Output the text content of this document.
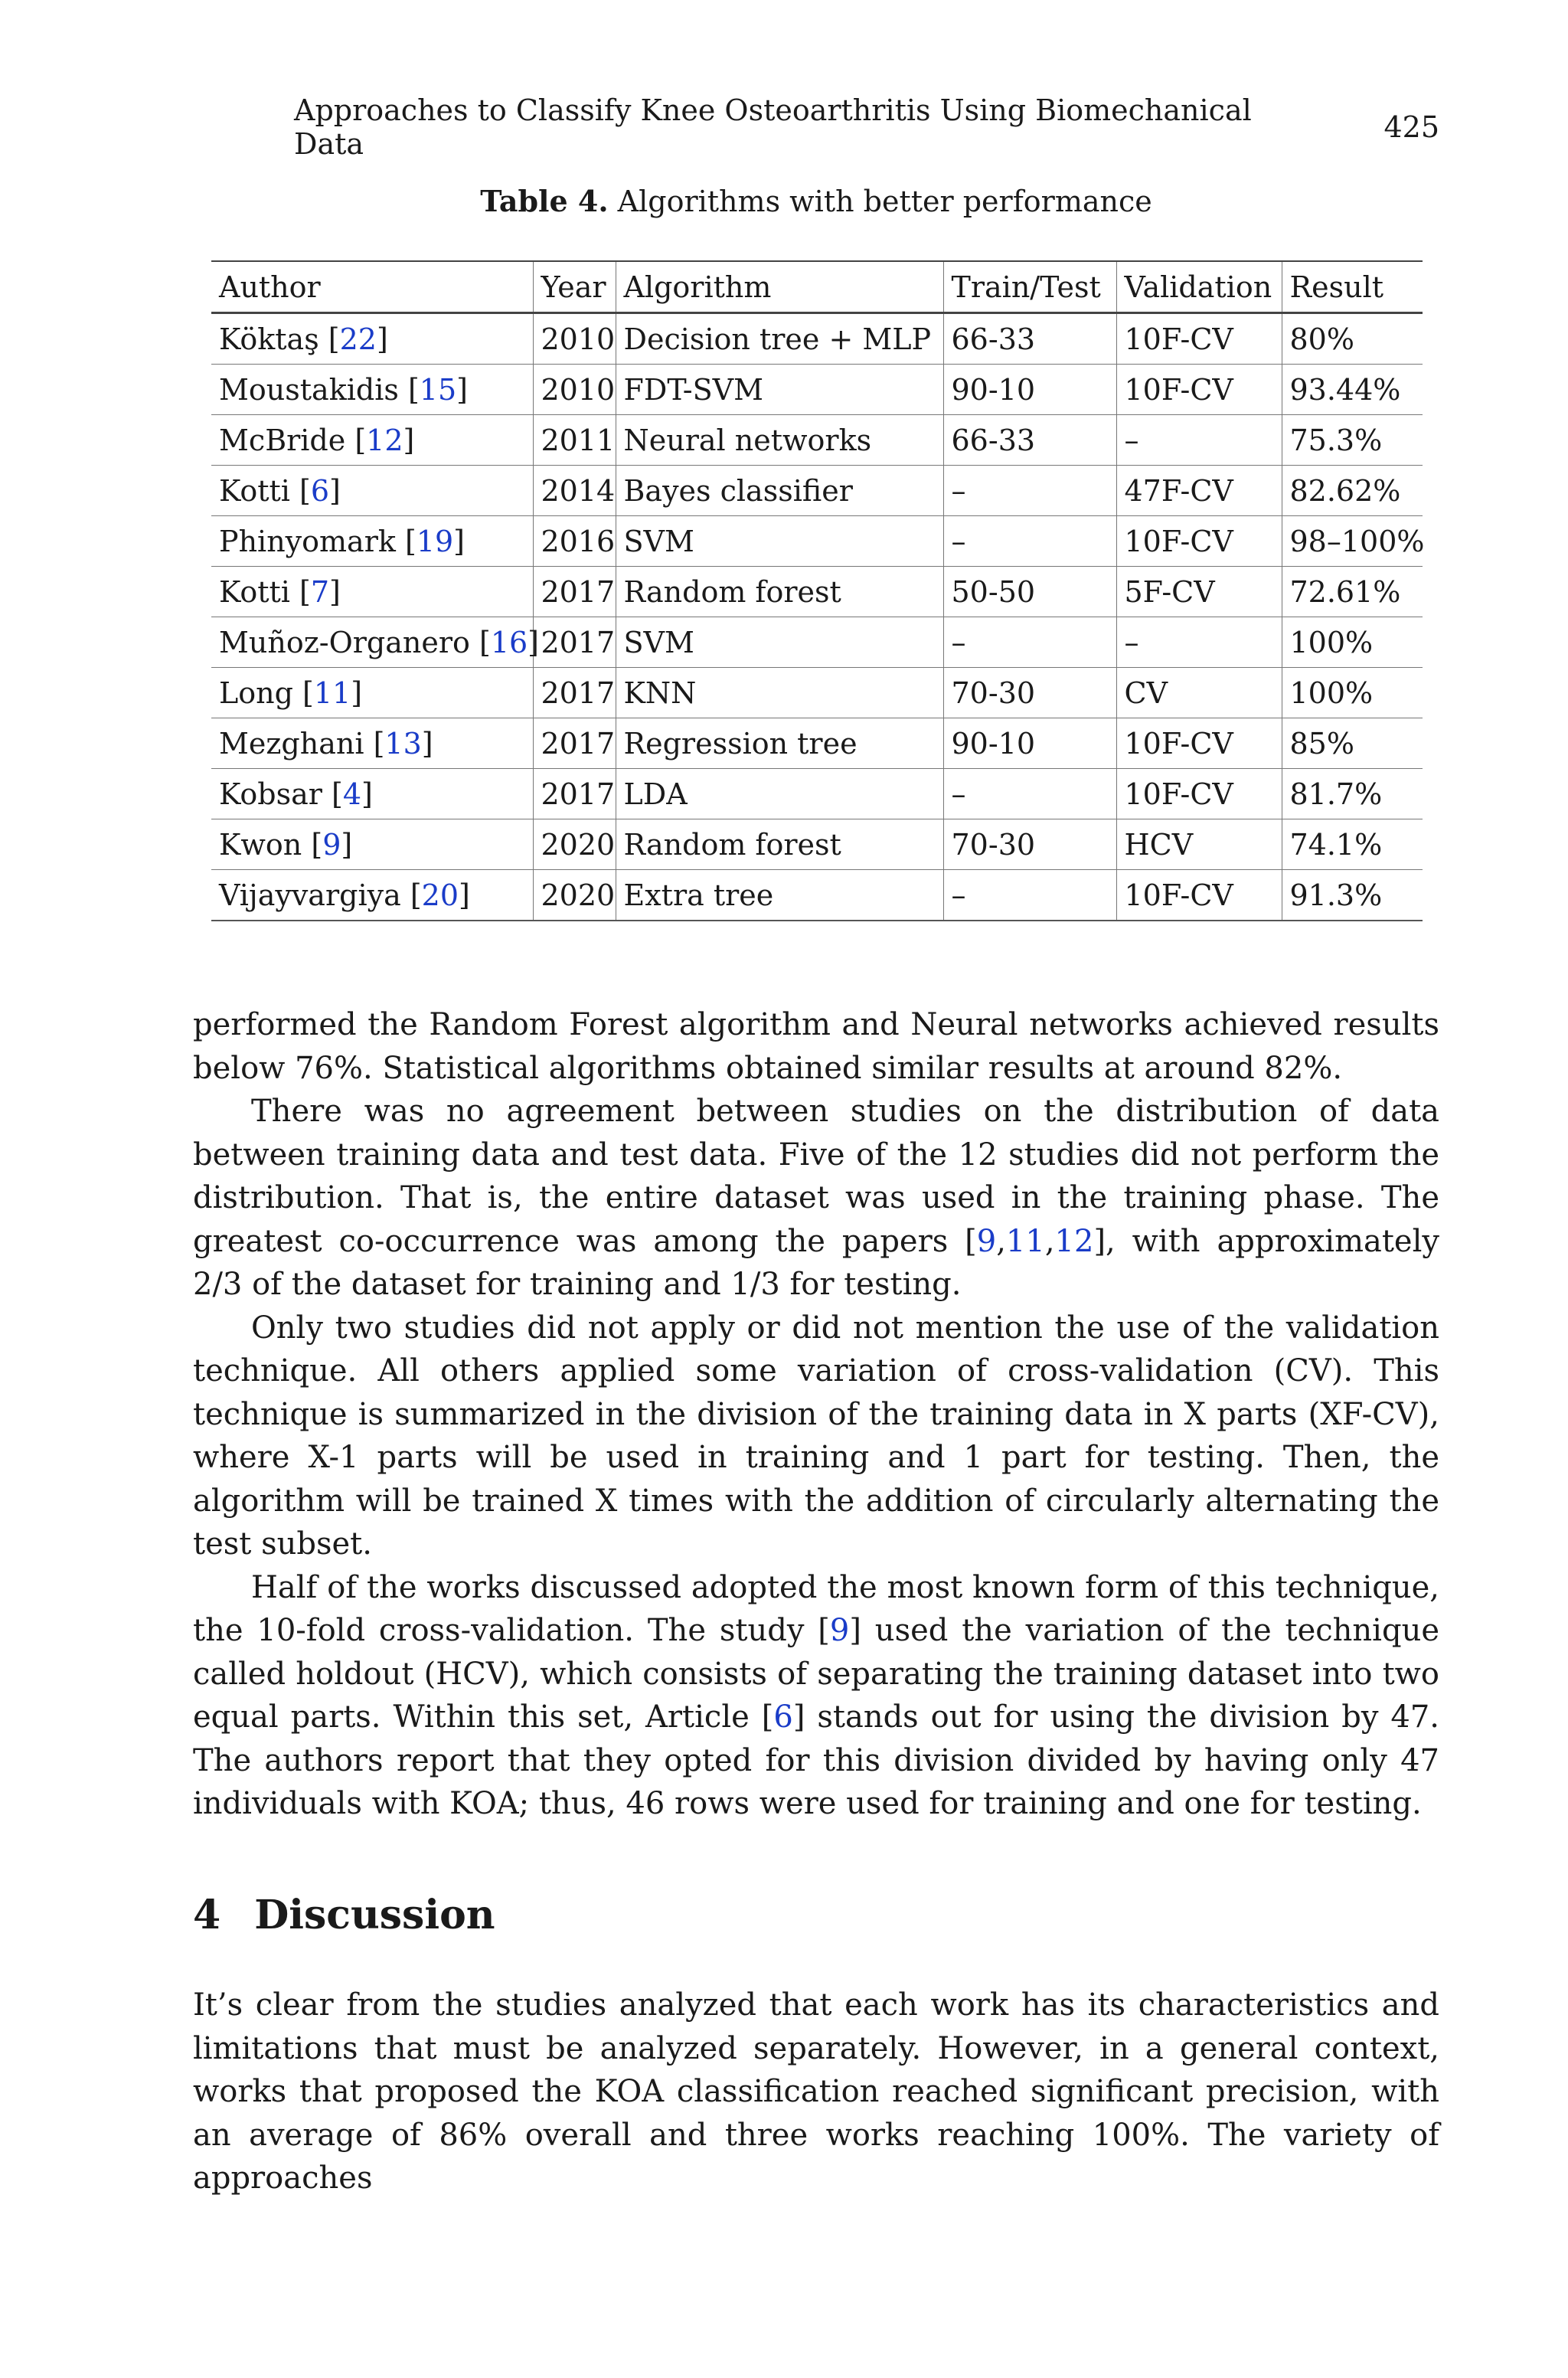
Approaches to Classify Knee Osteoarthritis Using Biomechanical Data	425
Table 4. Algorithms with better performance
Author	Year	Algorithm	Train/Test	Validation	Result
Köktaş [22]	2010	Decision tree + MLP	66-33	10F-CV	80%
Moustakidis [15]	2010	FDT-SVM	90-10	10F-CV	93.44%
McBride [12]	2011	Neural networks	66-33	–	75.3%
Kotti [6]	2014	Bayes classifier	–	47F-CV	82.62%
Phinyomark [19]	2016	SVM	–	10F-CV	98–100%
Kotti [7]	2017	Random forest	50-50	5F-CV	72.61%
Muñoz-Organero [16]	2017	SVM	–	–	100%
Long [11]	2017	KNN	70-30	CV	100%
Mezghani [13]	2017	Regression tree	90-10	10F-CV	85%
Kobsar [4]	2017	LDA	–	10F-CV	81.7%
Kwon [9]	2020	Random forest	70-30	HCV	74.1%
Vijayvargiya [20]	2020	Extra tree	–	10F-CV	91.3%

performed the Random Forest algorithm and Neural networks achieved results below 76%. Statistical algorithms obtained similar results at around 82%.

There was no agreement between studies on the distribution of data between training data and test data. Five of the 12 studies did not perform the distribution. That is, the entire dataset was used in the training phase. The greatest co-occurrence was among the papers [9,11,12], with approximately 2/3 of the dataset for training and 1/3 for testing.

Only two studies did not apply or did not mention the use of the validation technique. All others applied some variation of cross-validation (CV). This technique is summarized in the division of the training data in X parts (XF-CV), where X-1 parts will be used in training and 1 part for testing. Then, the algorithm will be trained X times with the addition of circularly alternating the test subset.

Half of the works discussed adopted the most known form of this technique, the 10-fold cross-validation. The study [9] used the variation of the technique called holdout (HCV), which consists of separating the training dataset into two equal parts. Within this set, Article [6] stands out for using the division by 47. The authors report that they opted for this division divided by having only 47 individuals with KOA; thus, 46 rows were used for training and one for testing.

4 Discussion

It’s clear from the studies analyzed that each work has its characteristics and limitations that must be analyzed separately. However, in a general context, works that proposed the KOA classification reached significant precision, with an average of 86% overall and three works reaching 100%. The variety of approaches
